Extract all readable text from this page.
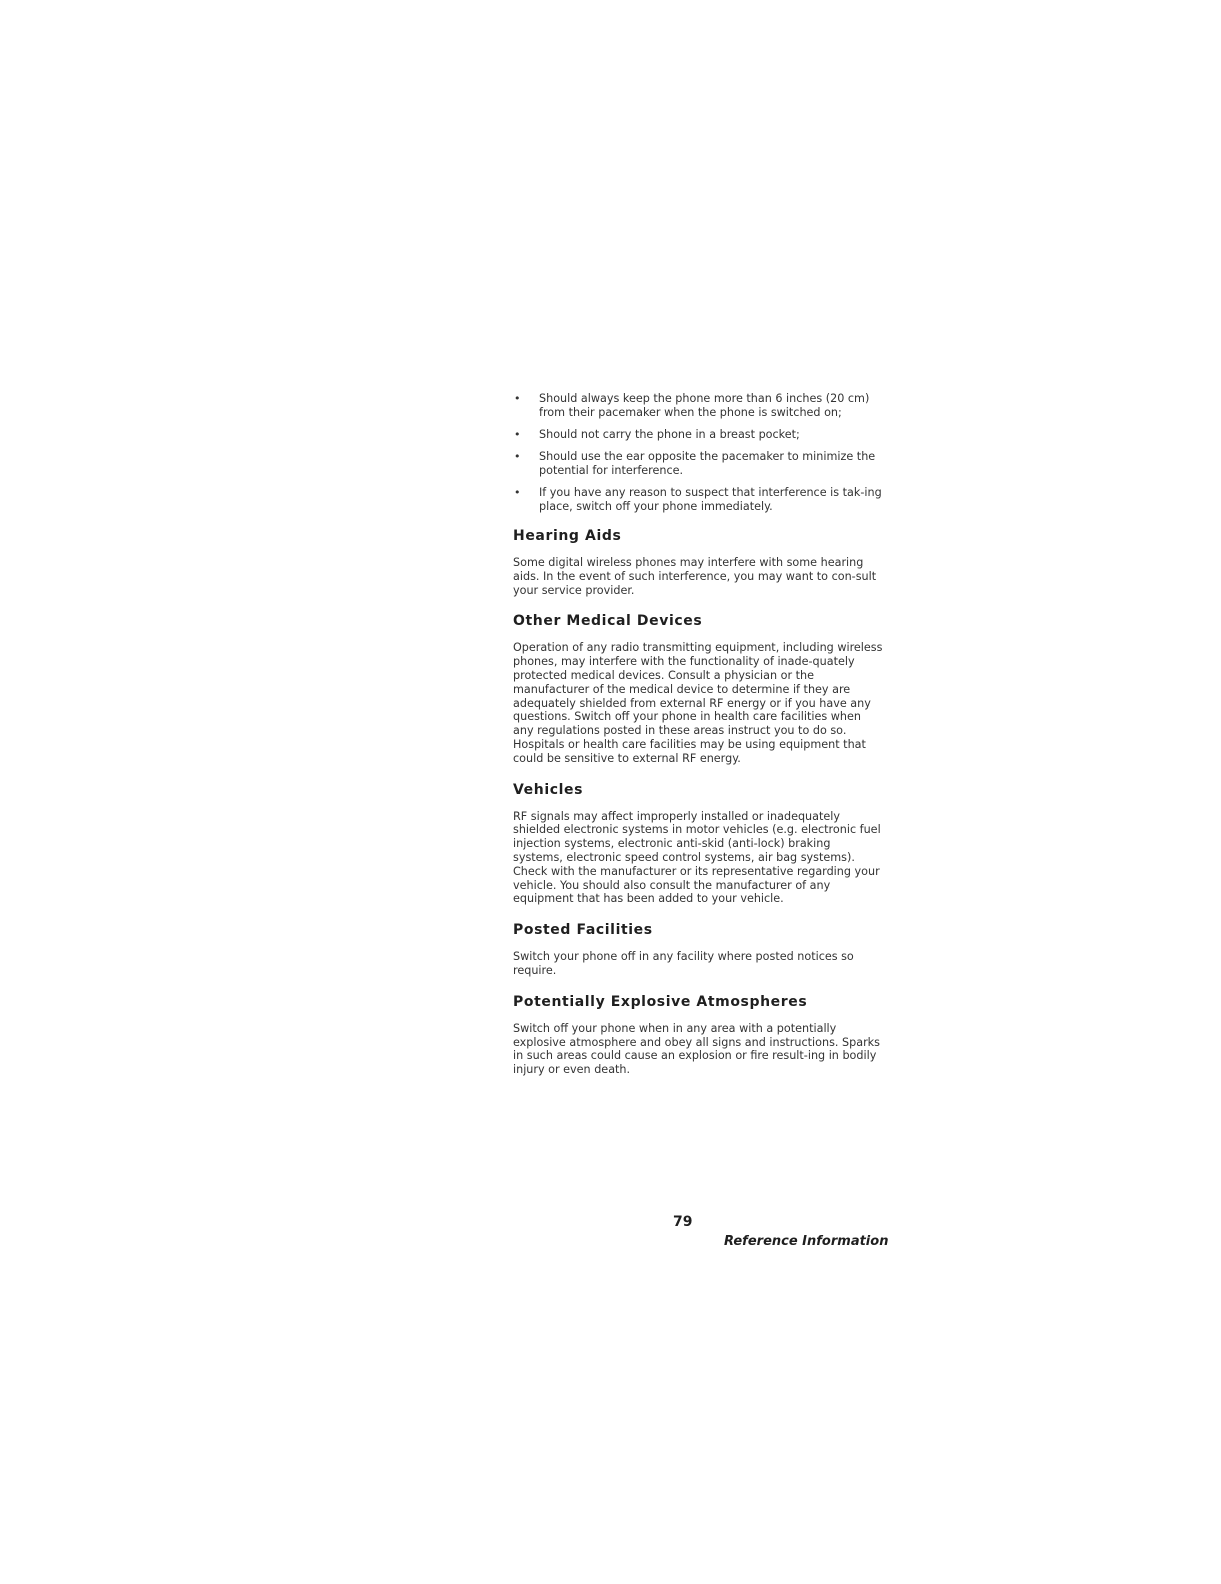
• Should always keep the phone more than 6 inches (20 cm) from their pacemaker when the phone is switched on;
• Should not carry the phone in a breast pocket;
• Should use the ear opposite the pacemaker to minimize the potential for interference.
• If you have any reason to suspect that interference is tak-ing place, switch off your phone immediately.
Hearing Aids

Some digital wireless phones may interfere with some hearing aids. In the event of such interference, you may want to con-sult your service provider.

Other Medical Devices

Operation of any radio transmitting equipment, including wireless phones, may interfere with the functionality of inade-quately protected medical devices. Consult a physician or the manufacturer of the medical device to determine if they are adequately shielded from external RF energy or if you have any questions. Switch off your phone in health care facilities when any regulations posted in these areas instruct you to do so. Hospitals or health care facilities may be using equipment that could be sensitive to external RF energy.

Vehicles

RF signals may affect improperly installed or inadequately shielded electronic systems in motor vehicles (e.g. electronic fuel injection systems, electronic anti-skid (anti-lock) braking systems, electronic speed control systems, air bag systems). Check with the manufacturer or its representative regarding your vehicle. You should also consult the manufacturer of any equipment that has been added to your vehicle.

Posted Facilities

Switch your phone off in any facility where posted notices so require.

Potentially Explosive Atmospheres

Switch off your phone when in any area with a potentially explosive atmosphere and obey all signs and instructions. Sparks in such areas could cause an explosion or fire result-ing in bodily injury or even death.

79
Reference Information
